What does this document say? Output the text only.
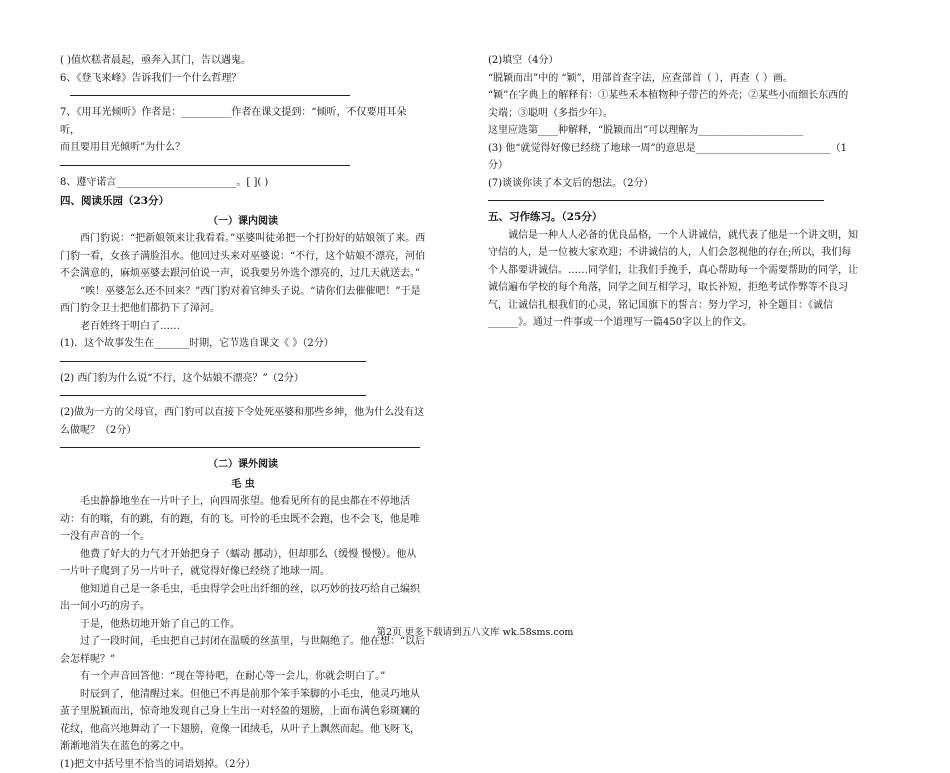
( )值炊糕者晨起，亟奔入其门，告以遇鬼。

6、《登飞来峰》告诉我们一个什么哲理？

7、《用耳光倾听》作者是：__________作者在课文提到：“倾听，不仅要用耳朵听，

而且要用目光倾听”为什么？

8、遵守诺言________________________。[ ]( )

四、阅读乐园（23分）

（一）课内阅读

西门豹说：“把新娘领来让我看看。”巫婆叫徒弟把一个打扮好的姑娘领了来。西门豹一看，女孩子满脸泪水。他回过头来对巫婆说：“不行，这个姑娘不漂亮，河伯不会满意的，麻烦巫婆去跟河伯说一声，说我要另外选个漂亮的，过几天就送去。”

“唉！巫婆怎么还不回来？”西门豹对着官绅头子说。“请你们去催催吧！”于是西门豹令卫士把他们都扔下了漳河。

老百姓终于明白了……

(1)．这个故事发生在_______时期，它节选自课文《 》（2分）

(2) 西门豹为什么说“不行，这个姑娘不漂亮？”（2分）

(2)做为一方的父母官，西门豹可以直接下令处死巫婆和那些乡绅，他为什么没有这

么做呢？（2分）

（二）课外阅读

毛 虫

毛虫静静地坐在一片叶子上，向四周张望。他看见所有的昆虫都在不停地活动：有的嗡，有的跳，有的跑，有的飞。可怜的毛虫既不会跑，也不会飞，他是唯一没有声音的一个。

他费了好大的力气才开始把身子（蠕动 挪动），但却那么（缓慢 慢慢）。他从一片叶子爬到了另一片叶子，就觉得好像已经绕了地球一周。

他知道自己是一条毛虫，毛虫得学会吐出纤细的丝，以巧妙的技巧给自己编织出一间小巧的房子。

于是，他热切地开始了自己的工作。

过了一段时间，毛虫把自己封闭在温暖的丝茧里，与世隔绝了。他在想：“以后会怎样呢？”

有一个声音回答他：“现在等待吧，在耐心等一会儿，你就会明白了。”

时辰到了，他清醒过来。但他已不再是前那个笨手笨脚的小毛虫，他灵巧地从茧子里脱颖而出，惊奇地发现自己身上生出一对轻盈的翅膀，上面布满色彩斑斓的花纹，他高兴地舞动了一下翅膀，竟像一团绒毛，从叶子上飘然而起。他飞呀飞，渐渐地消失在蓝色的雾之中。

(1)把文中括号里不恰当的词语划掉。（2分）

(2)填空（4分）

“脱颖而出”中的 “颖”，用部首查字法，应查部首（ ），再查（ ）画。

“颖”在字典上的解释有：①某些禾本植物种子带芒的外壳；②某些小而细长东西的尖端；③聪明（多指少年）。

这里应选第____种解释，“脱颖而出”可以理解为_____________________

(3) 他“就觉得好像已经绕了地球一周”的意思是___________________________（1分）

(7)谈谈你读了本文后的想法。（2分）

五、习作练习。（25分）

诚信是一种人人必备的优良品格，一个人讲诚信，就代表了他是一个讲文明，知守信的人，是一位被大家欢迎；不讲诚信的人，人们会忽视他的存在;所以，我们每个人都要讲诚信。……同学们，让我们手挽手，真心帮助每一个需要帮助的同学，让诚信遍布学校的每个角落，同学之间互相学习，取长补短，拒绝考试作弊等不良习气，让诚信扎根我们的心灵，铭记国旗下的誓言：努力学习，补全题目：《诚信______》。通过一件事或一个道理写一篇450字以上的作文。

第2页 更多下载请到五八文库 wk.58sms.com
